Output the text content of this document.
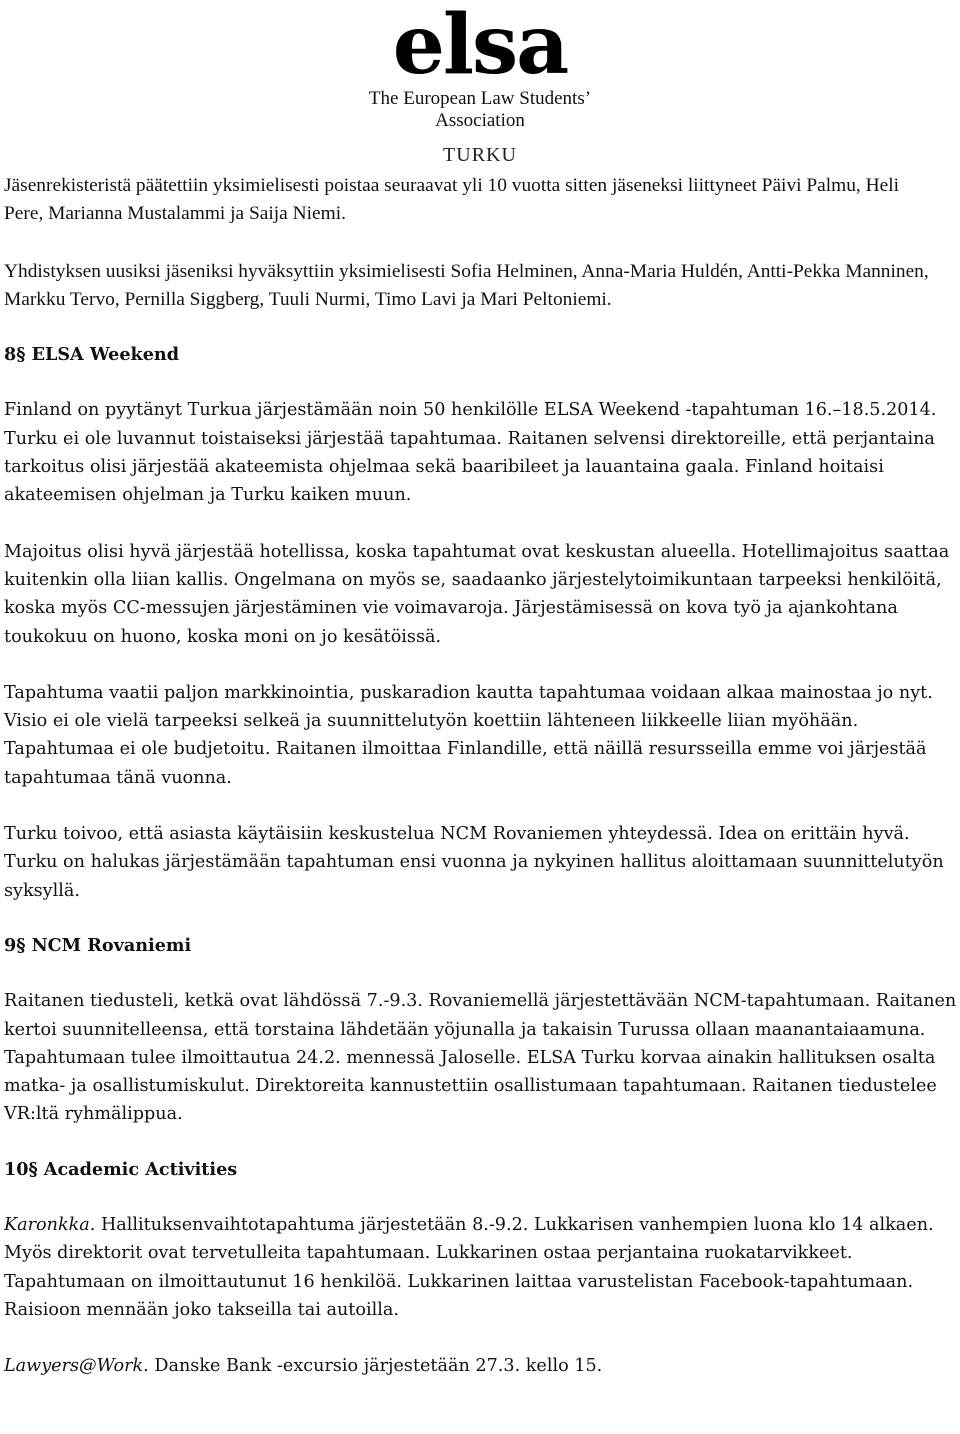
elsa
The European Law Students’ Association
TURKU

Jäsenrekisteristä päätettiin yksimielisesti poistaa seuraavat yli 10 vuotta sitten jäseneksi liittyneet Päivi Palmu, Heli Pere, Marianna Mustalammi ja Saija Niemi.

Yhdistyksen uusiksi jäseniksi hyväksyttiin yksimielisesti Sofia Helminen, Anna-Maria Huldén, Antti-Pekka Manninen, Markku Tervo, Pernilla Siggberg, Tuuli Nurmi, Timo Lavi ja Mari Peltoniemi.

8§ ELSA Weekend

Finland on pyytänyt Turkua järjestämään noin 50 henkilölle ELSA Weekend -tapahtuman 16.–18.5.2014. Turku ei ole luvannut toistaiseksi järjestää tapahtumaa. Raitanen selvensi direktoreille, että perjantaina tarkoitus olisi järjestää akateemista ohjelmaa sekä baaribileet ja lauantaina gaala. Finland hoitaisi akateemisen ohjelman ja Turku kaiken muun.

Majoitus olisi hyvä järjestää hotellissa, koska tapahtumat ovat keskustan alueella. Hotellimajoitus saattaa kuitenkin olla liian kallis. Ongelmana on myös se, saadaanko järjestelytoimikuntaan tarpeeksi henkilöitä, koska myös CC-messujen järjestäminen vie voimavaroja. Järjestämisessä on kova työ ja ajankohtana toukokuu on huono, koska moni on jo kesätöissä.

Tapahtuma vaatii paljon markkinointia, puskaradion kautta tapahtumaa voidaan alkaa mainostaa jo nyt. Visio ei ole vielä tarpeeksi selkeä ja suunnittelutyön koettiin lähteneen liikkeelle liian myöhään. Tapahtumaa ei ole budjetoitu. Raitanen ilmoittaa Finlandille, että näillä resursseilla emme voi järjestää tapahtumaa tänä vuonna.

Turku toivoo, että asiasta käytäisiin keskustelua NCM Rovaniemen yhteydessä. Idea on erittäin hyvä. Turku on halukas järjestämään tapahtuman ensi vuonna ja nykyinen hallitus aloittamaan suunnittelutyön syksyllä.

9§ NCM Rovaniemi

Raitanen tiedusteli, ketkä ovat lähdössä 7.-9.3. Rovaniemellä järjestettävään NCM-tapahtumaan. Raitanen kertoi suunnitelleensa, että torstaina lähdetään yöjunalla ja takaisin Turussa ollaan maanantaiaamuna. Tapahtumaan tulee ilmoittautua 24.2. mennessä Jaloselle. ELSA Turku korvaa ainakin hallituksen osalta matka- ja osallistumiskulut. Direktoreita kannustettiin osallistumaan tapahtumaan. Raitanen tiedustelee VR:ltä ryhmälippua.

10§ Academic Activities

Karonkka. Hallituksenvaihtotapahtuma järjestetään 8.-9.2. Lukkarisen vanhempien luona klo 14 alkaen. Myös direktorit ovat tervetulleita tapahtumaan. Lukkarinen ostaa perjantaina ruokatarvikkeet. Tapahtumaan on ilmoittautunut 16 henkilöä. Lukkarinen laittaa varustelistan Facebook-tapahtumaan. Raisioon mennään joko takseilla tai autoilla.

Lawyers@Work. Danske Bank -excursio järjestetään 27.3. kello 15.
